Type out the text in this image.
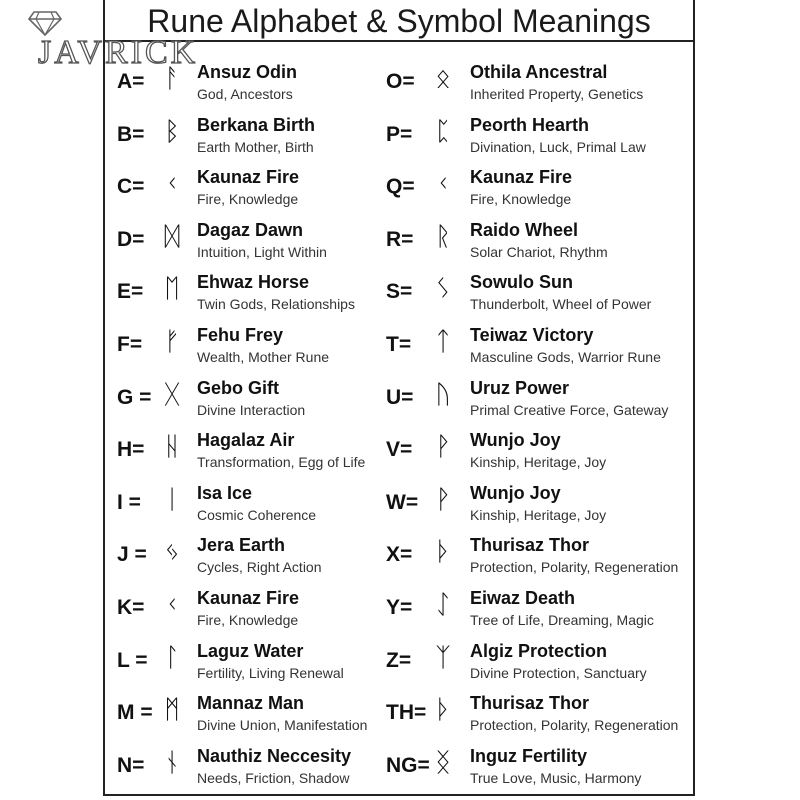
Rune Alphabet & Symbol Meanings
JAVRICK
A= ᚨ Ansuz Odin
God, Ancestors
B= ᛒ Berkana Birth
Earth Mother, Birth
C= ᚲ Kaunaz Fire
Fire, Knowledge
D= ᛞ Dagaz Dawn
Intuition, Light Within
E= ᛖ Ehwaz Horse
Twin Gods, Relationships
F= ᚠ Fehu Frey
Wealth, Mother Rune
G = ᚷ Gebo Gift
Divine Interaction
H= ᚺ Hagalaz Air
Transformation, Egg of Life
I = ᛁ Isa Ice
Cosmic Coherence
J = ᛃ Jera Earth
Cycles, Right Action
K= ᚲ Kaunaz Fire
Fire, Knowledge
L = ᛚ Laguz Water
Fertility, Living Renewal
M = ᛗ Mannaz Man
Divine Union, Manifestation
N= ᚾ Nauthiz Neccesity
Needs, Friction, Shadow
O= ᛟ	Othila Ancestral
Inherited Property, Genetics
P= ᛈ	Peorth Hearth
Divination, Luck, Primal Law
Q= ᚲ	Kaunaz Fire
Fire, Knowledge
R= ᚱ	Raido Wheel
Solar Chariot, Rhythm
S= ᛊ	Sowulo Sun
Thunderbolt, Wheel of Power
T= ᛏ	Teiwaz Victory
Masculine Gods, Warrior Rune
U= ᚢ	Uruz Power
Primal Creative Force, Gateway
V= ᚹ	Wunjo Joy
Kinship, Heritage, Joy
W= ᚹ	Wunjo Joy
Kinship, Heritage, Joy
X= ᚦ	Thurisaz Thor
Protection, Polarity, Regeneration
Y= ᛇ	Eiwaz Death
Tree of Life, Dreaming, Magic
Z= ᛉ	Algiz Protection
Divine Protection, Sanctuary
TH= ᚦ	Thurisaz Thor
Protection, Polarity, Regeneration
NG= ᛝ	Inguz Fertility
True Love, Music, Harmony
